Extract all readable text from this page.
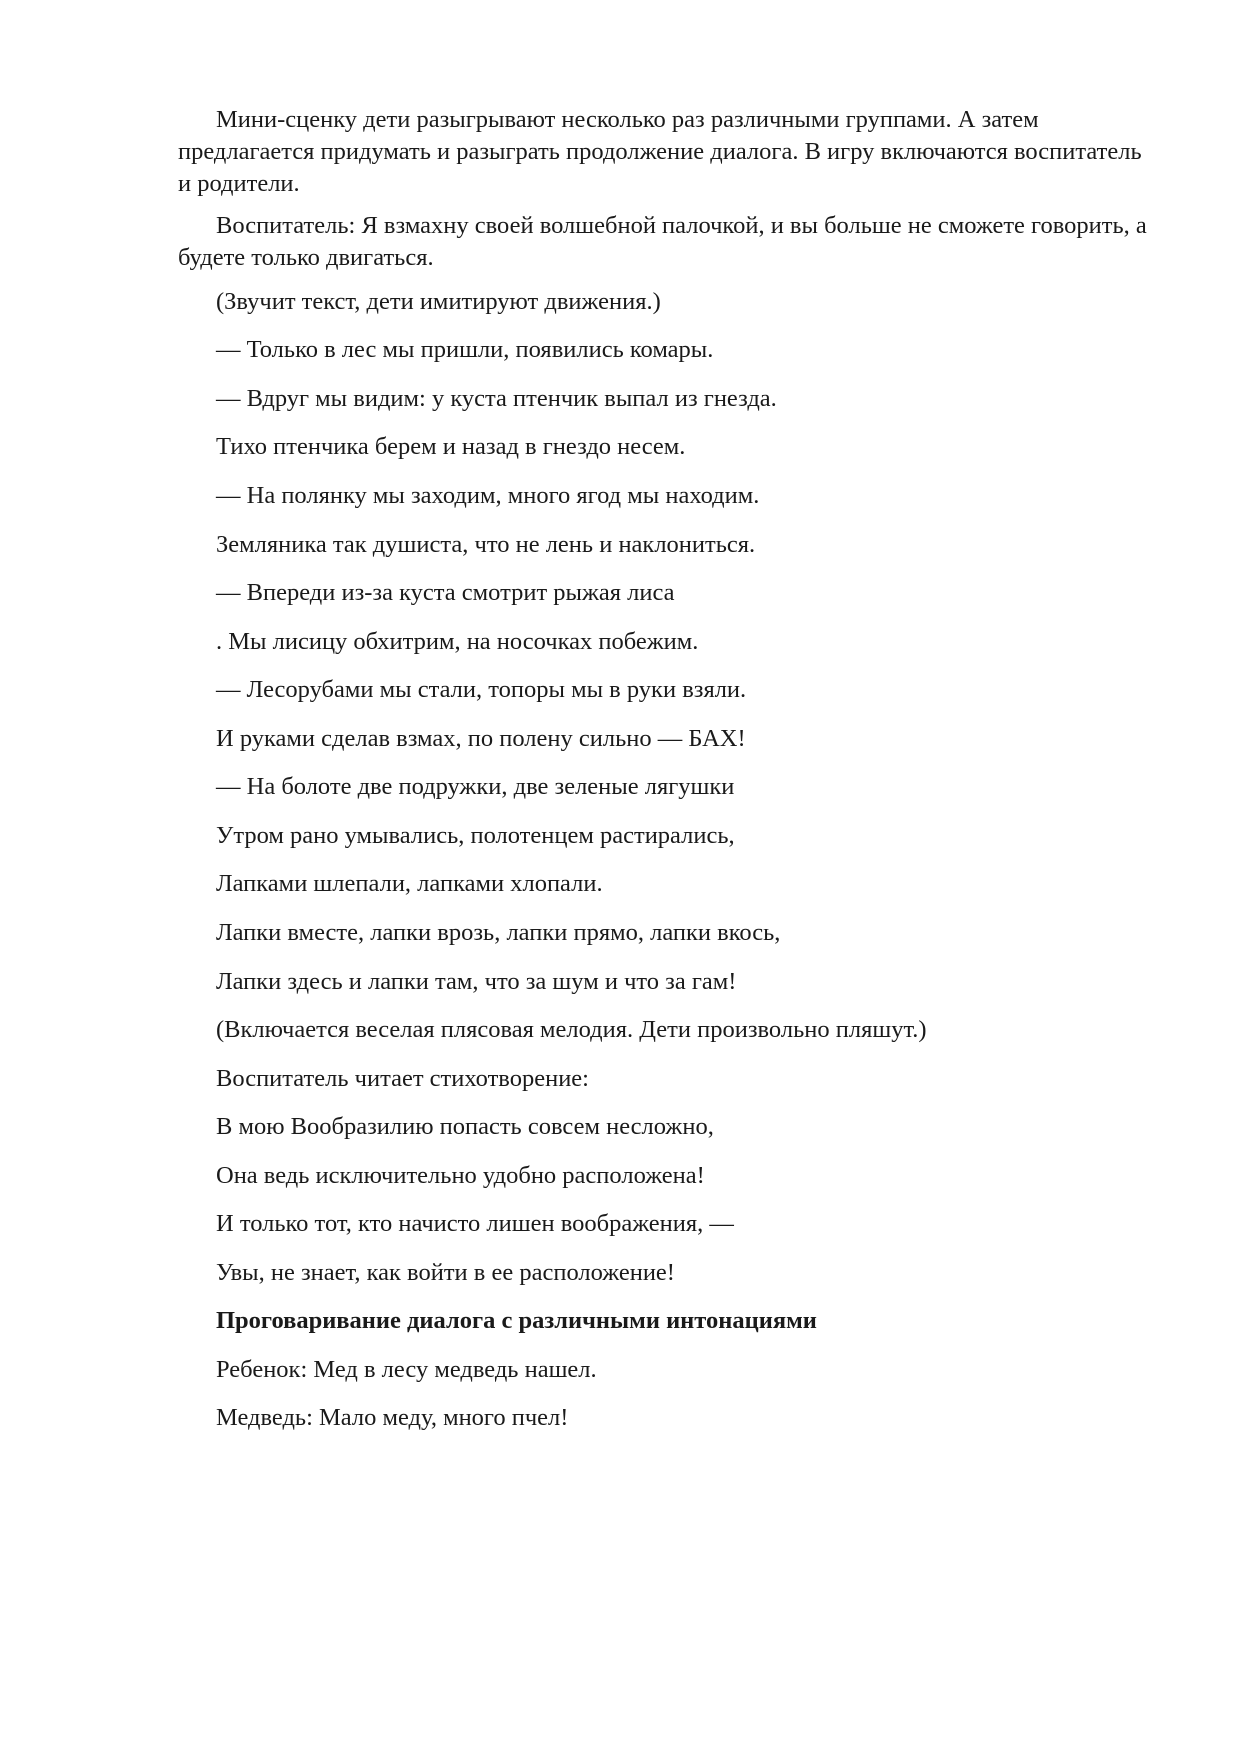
Мини-сценку дети разыгрывают несколько раз различными группами. А затем предлагается придумать и разыграть продолжение диалога. В игру включаются воспитатель и родители.

Воспитатель: Я взмахну своей волшебной палочкой, и вы больше не сможете говорить, а будете только двигаться.

(Звучит текст, дети имитируют движения.)

— Только в лес мы пришли, появились комары.

— Вдруг мы видим: у куста птенчик выпал из гнезда.

Тихо птенчика берем и назад в гнездо несем.

— На полянку мы заходим, много ягод мы находим.

Земляника так душиста, что не лень и наклониться.

— Впереди из-за куста смотрит рыжая лиса

. Мы лисицу обхитрим, на носочках побежим.

— Лесорубами мы стали, топоры мы в руки взяли.

И руками сделав взмах, по полену сильно — БАХ!

— На болоте две подружки, две зеленые лягушки

Утром рано умывались, полотенцем растирались,

Лапками шлепали, лапками хлопали.

Лапки вместе, лапки врозь, лапки прямо, лапки вкось,

Лапки здесь и лапки там, что за шум и что за гам!

(Включается веселая плясовая мелодия. Дети произвольно пляшут.)

Воспитатель читает стихотворение:

В мою Вообразилию попасть совсем несложно,

Она ведь исключительно удобно расположена!

И только тот, кто начисто лишен воображения, —

Увы, не знает, как войти в ее расположение!

Проговаривание диалога с различными интонациями

Ребенок: Мед в лесу медведь нашел.

Медведь: Мало меду, много пчел!
